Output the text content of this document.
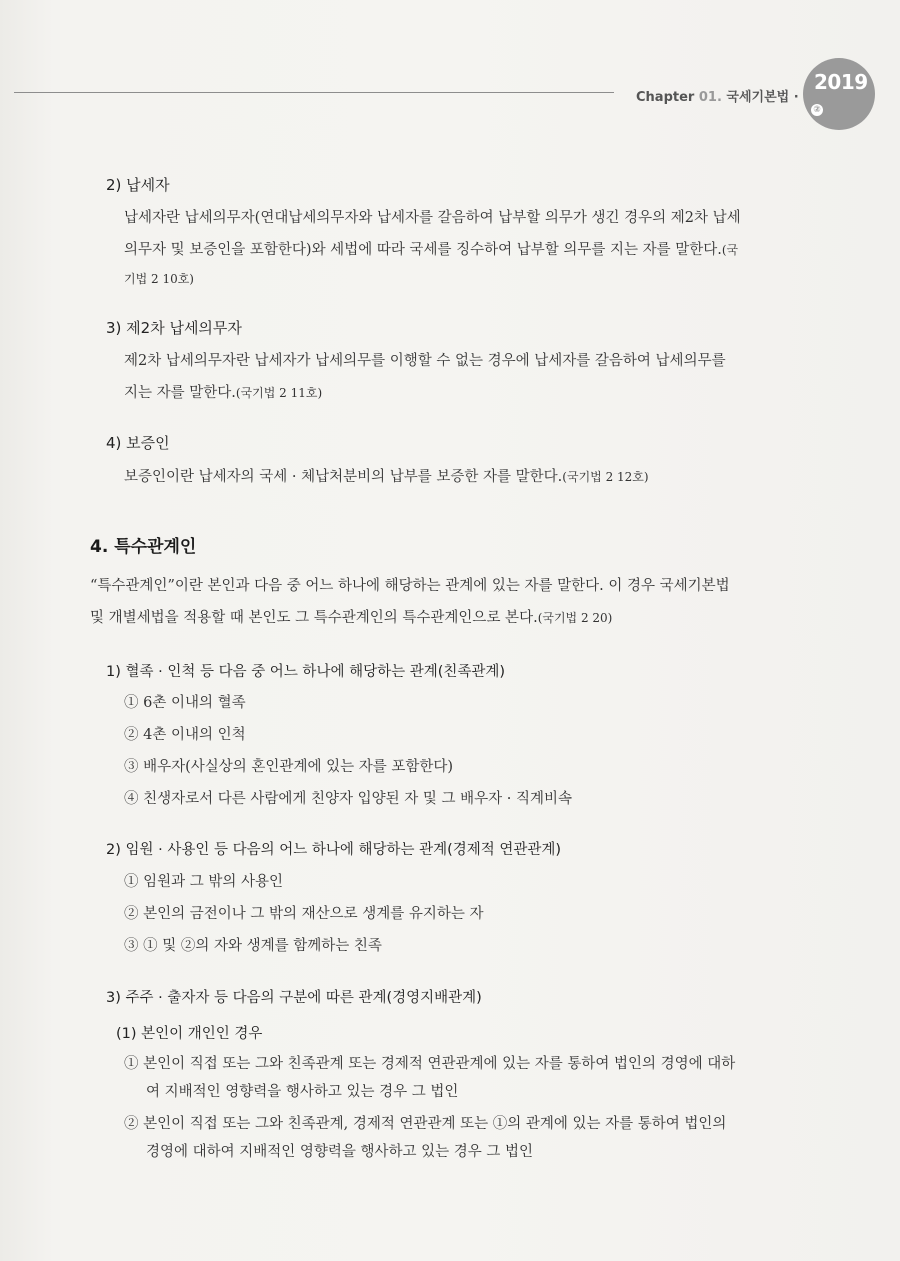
Chapter 01. 국세기본법 ·
2019
②
2) 납세자
납세자란 납세의무자(연대납세의무자와 납세자를 갈음하여 납부할 의무가 생긴 경우의 제2차 납세
의무자 및 보증인을 포함한다)와 세법에 따라 국세를 징수하여 납부할 의무를 지는 자를 말한다.(국
기법 2 10호)
3) 제2차 납세의무자
제2차 납세의무자란 납세자가 납세의무를 이행할 수 없는 경우에 납세자를 갈음하여 납세의무를
지는 자를 말한다.(국기법 2 11호)
4) 보증인
보증인이란 납세자의 국세 · 체납처분비의 납부를 보증한 자를 말한다.(국기법 2 12호)
4. 특수관계인
“특수관계인”이란 본인과 다음 중 어느 하나에 해당하는 관계에 있는 자를 말한다. 이 경우 국세기본법
및 개별세법을 적용할 때 본인도 그 특수관계인의 특수관계인으로 본다.(국기법 2 20)
1) 혈족 · 인척 등 다음 중 어느 하나에 해당하는 관계(친족관계)
① 6촌 이내의 혈족
② 4촌 이내의 인척
③ 배우자(사실상의 혼인관계에 있는 자를 포함한다)
④ 친생자로서 다른 사람에게 친양자 입양된 자 및 그 배우자 · 직계비속
2) 임원 · 사용인 등 다음의 어느 하나에 해당하는 관계(경제적 연관관계)
① 임원과 그 밖의 사용인
② 본인의 금전이나 그 밖의 재산으로 생계를 유지하는 자
③ ① 및 ②의 자와 생계를 함께하는 친족
3) 주주 · 출자자 등 다음의 구분에 따른 관계(경영지배관계)
(1) 본인이 개인인 경우
① 본인이 직접 또는 그와 친족관계 또는 경제적 연관관계에 있는 자를 통하여 법인의 경영에 대하
여 지배적인 영향력을 행사하고 있는 경우 그 법인
② 본인이 직접 또는 그와 친족관계, 경제적 연관관계 또는 ①의 관계에 있는 자를 통하여 법인의
경영에 대하여 지배적인 영향력을 행사하고 있는 경우 그 법인
